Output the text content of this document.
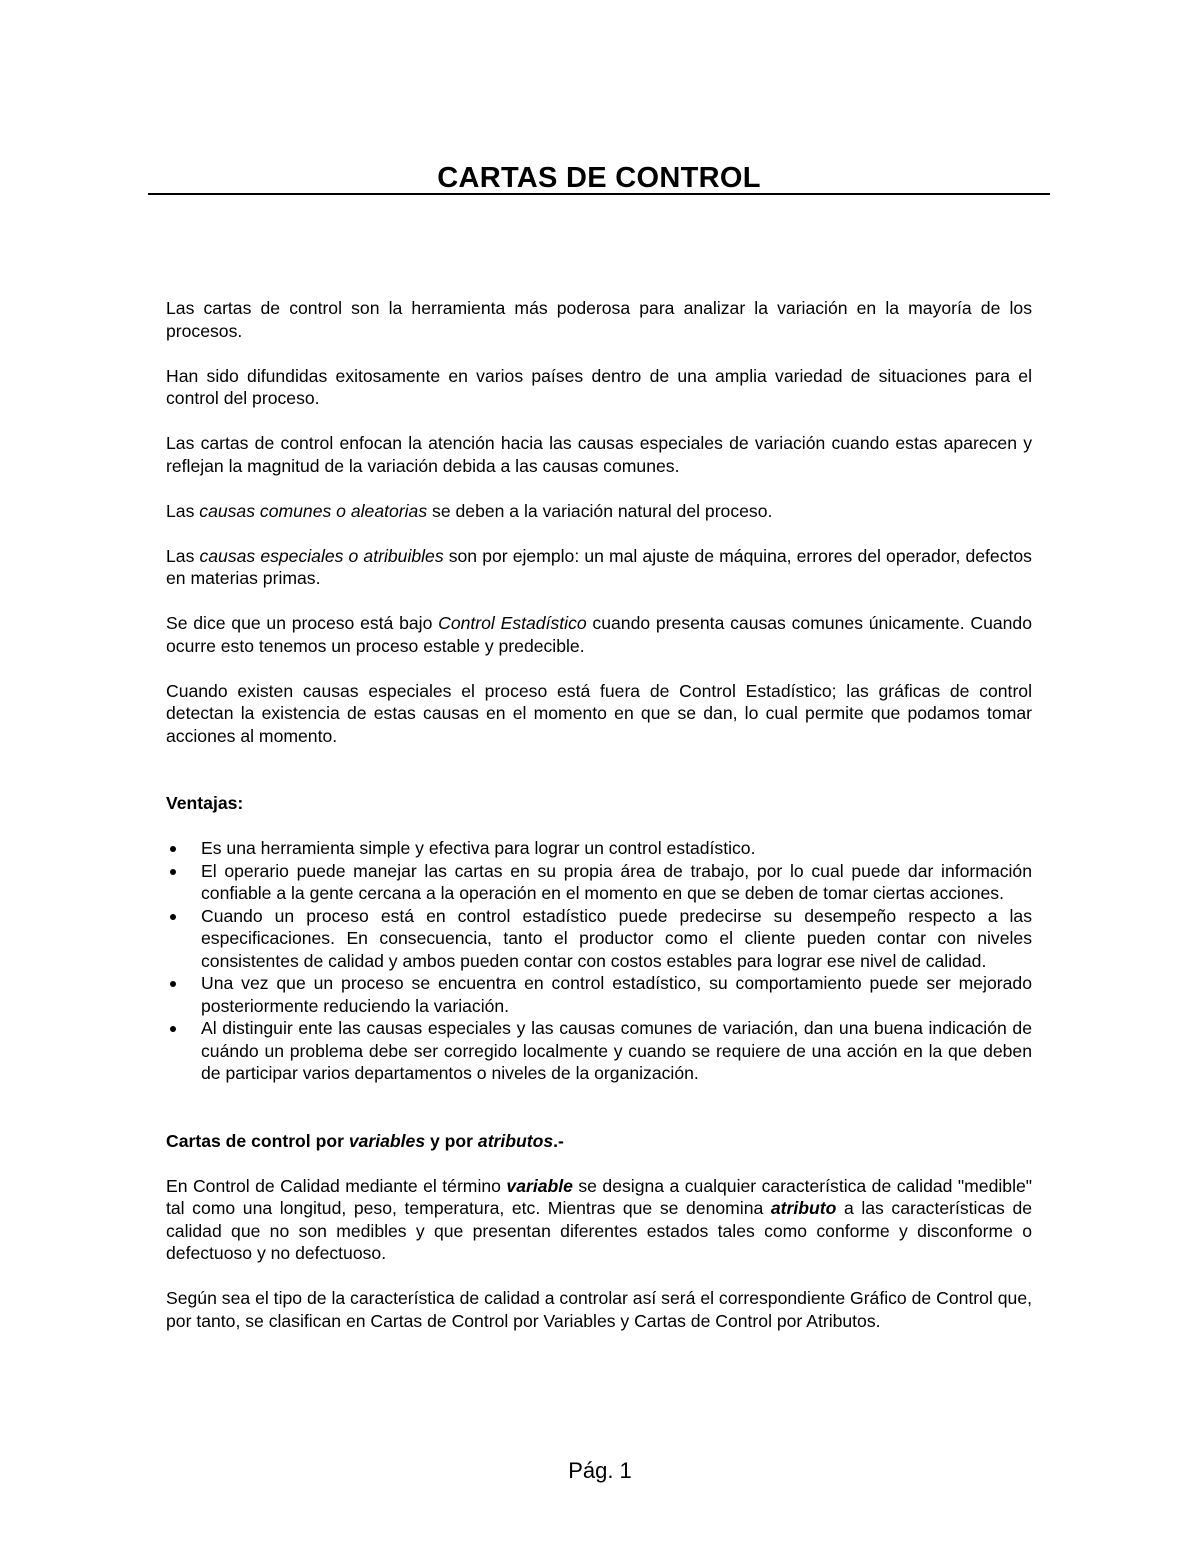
CARTAS DE CONTROL

Las cartas de control son la herramienta más poderosa para analizar la variación en la mayoría de los procesos.

Han sido difundidas exitosamente en varios países dentro de una amplia variedad de situaciones para el control del proceso.

Las cartas de control enfocan la atención hacia las causas especiales de variación cuando estas aparecen y reflejan la magnitud de la variación debida a las causas comunes.

Las causas comunes o aleatorias se deben a la variación natural del proceso.

Las causas especiales o atribuibles son por ejemplo: un mal ajuste de máquina, errores del operador, defectos en materias primas.

Se dice que un proceso está bajo Control Estadístico cuando presenta causas comunes únicamente. Cuando ocurre esto tenemos un proceso estable y predecible.

Cuando existen causas especiales el proceso está fuera de Control Estadístico; las gráficas de control detectan la existencia de estas causas en el momento en que se dan, lo cual permite que podamos tomar acciones al momento.

Ventajas:
Es una herramienta simple y efectiva para lograr un control estadístico.
El operario puede manejar las cartas en su propia área de trabajo, por lo cual puede dar información confiable a la gente cercana a la operación en el momento en que se deben de tomar ciertas acciones.
Cuando un proceso está en control estadístico puede predecirse su desempeño respecto a las especificaciones. En consecuencia, tanto el productor como el cliente pueden contar con niveles consistentes de calidad y ambos pueden contar con costos estables para lograr ese nivel de calidad.
Una vez que un proceso se encuentra en control estadístico, su comportamiento puede ser mejorado posteriormente reduciendo la variación.
Al distinguir ente las causas especiales y las causas comunes de variación, dan una buena indicación de cuándo un problema debe ser corregido localmente y cuando se requiere de una acción en la que deben de participar varios departamentos o niveles de la organización.
Cartas de control por variables y por atributos.-

En Control de Calidad mediante el término variable se designa a cualquier característica de calidad "medible" tal como una longitud, peso, temperatura, etc. Mientras que se denomina atributo a las características de calidad que no son medibles y que presentan diferentes estados tales como conforme y disconforme o defectuoso y no defectuoso.

Según sea el tipo de la característica de calidad a controlar así será el correspondiente Gráfico de Control que, por tanto, se clasifican en Cartas de Control por Variables y Cartas de Control por Atributos.

Pág. 1
